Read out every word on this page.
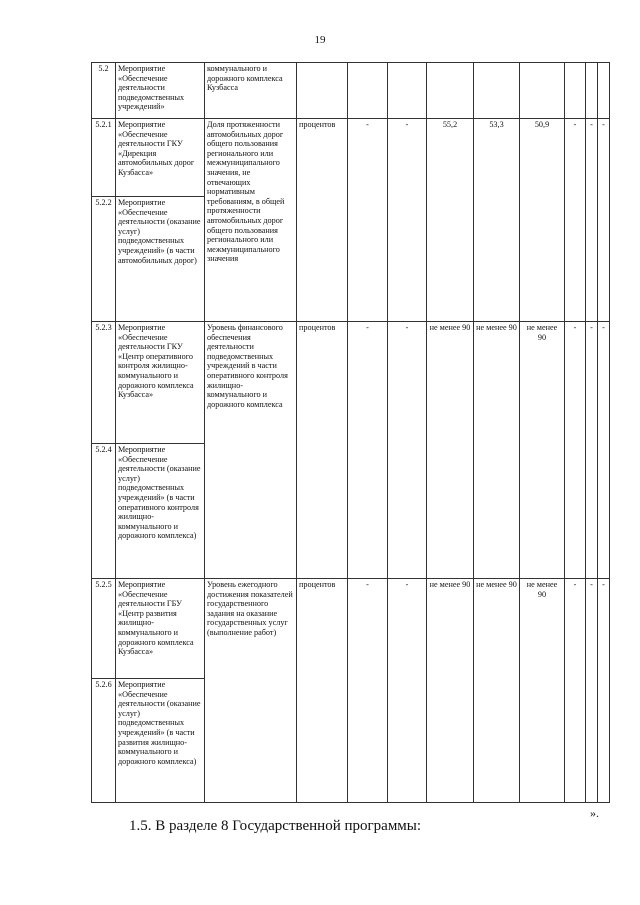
19
5.2	Мероприятие «Обеспечение деятельности подведомственных учреждений»	коммунального и дорожного комплекса Кузбасса									
5.2.1	Мероприятие «Обеспечение деятельности ГКУ «Дирекция автомобильных дорог Кузбасса»	Доля протяженности автомобильных дорог общего пользования регионального или межмуниципального значения, не отвечающих нормативным требованиям, в общей протяженности автомобильных дорог общего пользования регионального или межмуниципального значения	процентов	-	-	55,2	53,3	50,9	-	-	-
5.2.2	Мероприятие «Обеспечение деятельности (оказание услуг) подведомственных учреждений» (в части автомобильных дорог)										
5.2.3	Мероприятие «Обеспечение деятельности ГКУ «Центр оперативного контроля жилищно-коммунального и дорожного комплекса Кузбасса»	Уровень финансового обеспечения деятельности подведомственных учреждений в части оперативного контроля жилищно-коммунального и дорожного комплекса	процентов	-	-	не менее 90	не менее 90	не менее 90	-	-	-
5.2.4	Мероприятие «Обеспечение деятельности (оказание услуг) подведомственных учреждений» (в части оперативного контроля жилищно-коммунального и дорожного комплекса)										
5.2.5	Мероприятие «Обеспечение деятельности ГБУ «Центр развития жилищно-коммунального и дорожного комплекса Кузбасса»	Уровень ежегодного достижения показателей государственного задания на оказание государственных услуг (выполнение работ)	процентов	-	-	не менее 90	не менее 90	не менее 90	-	-	-
5.2.6	Мероприятие «Обеспечение деятельности (оказание услуг) подведомственных учреждений» (в части развития жилищно-коммунального и дорожного комплекса)										
».
1.5. В разделе 8 Государственной программы:
